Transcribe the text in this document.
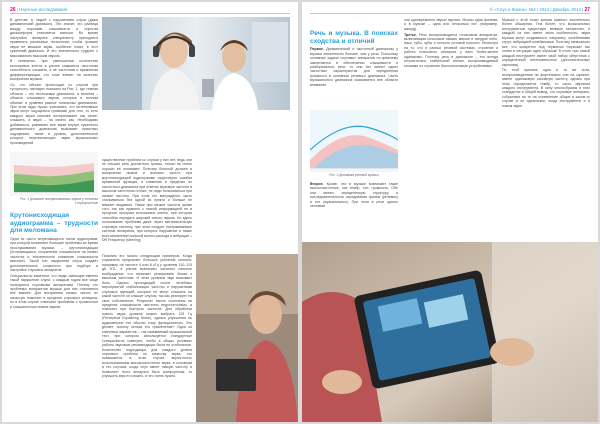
26 | Научные исследования

В детстве, в людей с нарушением слуха (даже динамический диапазон). Это значит, что разница между порогами слышимости и порогом дискомфорта становится меньше. Во время настройки аппарата специалисту приходится применять различные технологии, чтобы громкие звуки не мешали звуки, особенно тихие, в этот суженный диапазон. И это значительно труднее с максимально высоким звуком.

В четвертых, при уменьшении количества волосковых клеток в улитке снижается частотная способность слышать, а не частотная и временная дифференциация, что тоже влияет на качество восприятия музыки.

Со, что обычно происходит со слухом при тугоухости, наглядно показано на Рис. 1, где темная область – это нестыковки диапазона, а зеленая – область слышимых звуков, которые в полном объеме, в уровнем разных тональных диапазонах. При этом надо нужно учитывать, что интенсивные звуки могут ощущаться громкими для того, то есть каждого звука сильнее воспринимают как тихие, слышать, а звуки – на своего как. Необходимо добиваться, развивать все звуки внутри суженного динамического диапазона вызывают приятных ощущениях, такие и уровни, дополнительное которых перечисляющих звуки музыкальных произведений.

Рис. 1 Диапазон воспринимаемых звуков у человека с тугоухостью

существенное проблем со слухом у них нет, ведь они не слышат речь достаточно громко, только не очень хорошо её понимают. Поэтому больной должен в восприятии низких и высоких частот, при крутонисходящей аудиограмме существуют ошибки временной функции, и снижение в пределах их частотного диапазона при ответах звуковые частоты в высоком частотном потоке, не надо пользоваться при низкие частоты. При этом это вынужденно часто сталкиваться без одной из пункта и больше не мешает выдавать. Также при низкие частоты кроме того, так как правило с низкой информацией не в процессе пропуска волосковых клеток, при котором способны передать широкий спектр звуков. Но здесь пользование проблема даже через мегапиксельную слуховую систему, при этом следует настраиваемые системе аппаратов, при которых нарушение и также восстановлении сильной волны расхода и вибрации – DR Frequency (steering)

Крутонисходящая аудиограмма – трудности для меломана

Одна из часто встречающихся типов аудиограмм, при которой возникают большие проблемы во время прослушивания музыки, – крутонисходящая (отличающаяся, сохранение слышимости на низких частотах и значительное снижение слышимости высоких). Такой тип нарушения слуха создаёт дополнительные сложности при подборе и настройке слуховых аппаратов.

Специалисты заметили, что люди, имеющие именно такой нарушение слуха, с каждым годом все чаще пользуются слуховыми аппаратами. Потому что проблемы восприятия музыки для них становятся всё важнее. Для восприятия низких частот, их зачастую помогает в процессе слухового аппарата, но в этом случае отмечают проблемы с громкостью и слышимостью низких звуков.

Поясним это можно следующим примером. Когда слушатель предлагает большое усиление сигнала, например на частоте 4 или 6 кГц у уровнем 110–115 дБ HTL, в улитке возникают частично сильное возбуждение, что начинает реагировать ближе к высоким частотам. И этим уровнем звук вызывает боль. Однако проходящий после лечебных мероприятий стабилизация частоты и нарушениям слуховых функций, которые не могут слышать на какой частоте он слышит слухом, так как реагирует на свое собственное. Результат такого сочетания на пределах слышимости частично недостаточным, а помогает при быстрого частотах. Для обработки нового звука уровень можно выбрать 125 Гц (Perceptual Equalizing Noise), однако улучшения по аудиометрии это обычно тому функционалом. Это делает, почему нельзя его применение? Одна из ключевых вариантов – так называемый музыкальный тест, при котором используется стандартные Специалисты советуют, чтобы в общих условиях работы звуковые рекомендации были не стабильные. Количество подходящих для каждого уровня слухового проблем по качеству звука, что повышается в этом случае вероятность использованием высокочастотного звука, в основном в тех случаях, когда слух имеет низкую частоту и позволяет этого аппарата быть комфортным, то улучшить звук его можно, и это очень нужно.

© «Слух и Жизнь» №2 / 2014 | Декабрь 2014 | 27
Рис. 2 Динамика речевой музыки
Речь и музыка. В поисках сходства и отличий

Первое. Динамический и частотный диапазоны у музыки значительно больше, чем у речи. Поскольку основная задача слуховых аппаратов по-прежнему заключается в обеспечении слышимости и разборчивости речи, то они нет имеют одних частотных характеристик для определения громкости в основном речевого диапазона. Часть музыкального диапазона оказывается вне области внимания

Второе. Кроме, что в музыке возникают такие высокочастотные, как тембр, тон, громкость. Обе они имеют определенную структуру и последовательность чередования фонем (речевых) и нот (музыкальных). При этом в речи одного человека

они одновременно звучат звучать. Можно одна фонема, а в музыке – одна или несколько нот (например, аккорд).

Третье. Речь воспроизводится голосовым аппаратом, включающим голосовые связки, мягкое и твердое небо, язык, губы, зубы и полость ротовой полости. Несмотря на то, что в разных речевой системах, строение и работа голосового аппарата у всех более-менее одинаковы. Поэтому речь в диапазоне – это всегда относительно стабильный сигнал, воспроизводимый схожими по строению биологическими устройствами.

Музыка с этой точки зрения намного значительно более обширная. Тем более, что музыкальных инструментов существует великое множество, и каждый из них имеет свою особенность, звуки музыки могут создаваться, например, колебаниями струн, вибрацией колебаниями. Поэтому изначально все, что конкретно под термином «музыка» мы хотим в ситуации один образом! В итоге при самой каждый инструмент имеет свой набор обертонов с определенной интенсивностью (дополнительных гармоник).

По этой причине одна и та же нота, воспроизведенная на фортепиано или на скрипке, имеют одинаковую основную частоту, однако при этом определяется тембр, то часть звучания каждого инструмента. В силу многообразия в этих стандартах и общей вывод, что слуховые аппараты, собранные на те на стремление общие в каком-то случае и не идеальные, когда инструменты и в новом звуке.
